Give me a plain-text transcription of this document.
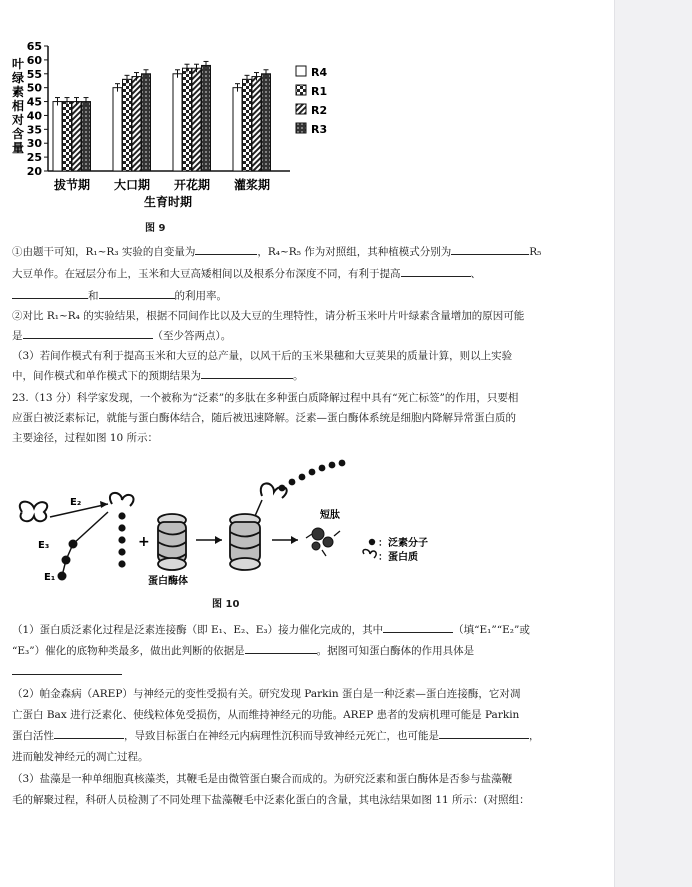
叶
绿
素
相
对
含
量
65
60
55
50
45
40
35
30
25
20
拔节期 大口期 开花期 灌浆期
生育时期
R4
R1
R2
R3
图 9
①由题干可知，R₁~R₃ 实验的自变量为	，R₄~R₅ 作为对照组，其种植模式分别为	R₅
大豆单作。在冠层分布上，玉米和大豆高矮相间以及根系分布深度不同，有利于提高	、
和	的利用率。
②对比 R₁~R₄ 的实验结果，根据不同间作比以及大豆的生理特性，请分析玉米叶片叶绿素含量增加的原因可能
是	（至少答两点）。
（3）若间作模式有利于提高玉米和大豆的总产量，以风干后的玉米果穗和大豆荚果的质量计算，则以上实验
中，间作模式和单作模式下的预期结果为	。
23.（13 分）科学家发现，一个被称为“泛素”的多肽在多种蛋白质降解过程中具有“死亡标签”的作用，只要相
应蛋白被泛素标记，就能与蛋白酶体结合，随后被迅速降解。泛素—蛋白酶体系统是细胞内降解异常蛋白质的
主要途径，过程如图 10 所示：
E₂
E₃
E₁
+
蛋白酶体
短肽
：泛素分子
：蛋白质
图 10
（1）蛋白质泛素化过程是泛素连接酶（即 E₁、E₂、E₃）接力催化完成的，其中	（填“E₁”“E₂”或
“E₃”）催化的底物种类最多，做出此判断的依据是	。据图可知蛋白酶体的作用具体是
（2）帕金森病（AREP）与神经元的变性受损有关。研究发现 Parkin 蛋白是一种泛素—蛋白连接酶，它对凋
亡蛋白 Bax 进行泛素化、使线粒体免受损伤，从而维持神经元的功能。AREP 患者的发病机理可能是 Parkin
蛋白活性	，导致目标蛋白在神经元内病理性沉积而导致神经元死亡，也可能是	，
进而触发神经元的凋亡过程。
（3）盐藻是一种单细胞真核藻类，其鞭毛是由微管蛋白聚合而成的。为研究泛素和蛋白酶体是否参与盐藻鞭
毛的解聚过程，科研人员检测了不同处理下盐藻鞭毛中泛素化蛋白的含量，其电泳结果如图 11 所示：(对照组：
